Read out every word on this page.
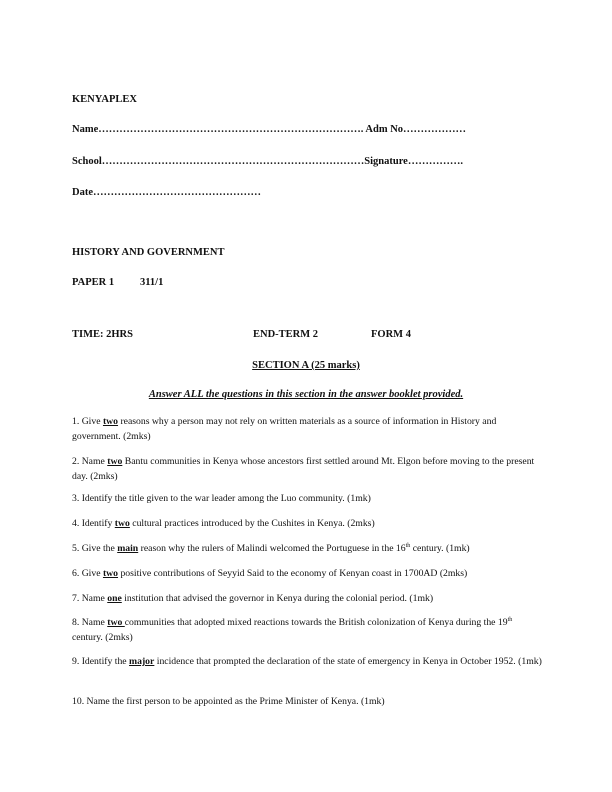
KENYAPLEX
Name…………………………………………………………………. Adm No………………
School…………………………………………………………………Signature…………….
Date…………………………………………
HISTORY AND GOVERNMENT
PAPER 1 311/1
TIME: 2HRS	END-TERM 2	FORM 4
SECTION A (25 marks)
Answer ALL the questions in this section in the answer booklet provided.
1. Give two reasons why a person may not rely on written materials as a source of information in History and government. (2mks)
2. Name two Bantu communities in Kenya whose ancestors first settled around Mt. Elgon before moving to the present day. (2mks)
3. Identify the title given to the war leader among the Luo community. (1mk)
4. Identify two cultural practices introduced by the Cushites in Kenya. (2mks)
5. Give the main reason why the rulers of Malindi welcomed the Portuguese in the 16th century. (1mk)
6. Give two positive contributions of Seyyid Said to the economy of Kenyan coast in 1700AD (2mks)
7. Name one institution that advised the governor in Kenya during the colonial period. (1mk)
8. Name two communities that adopted mixed reactions towards the British colonization of Kenya during the 19th century. (2mks)
9. Identify the major incidence that prompted the declaration of the state of emergency in Kenya in October 1952. (1mk)
10. Name the first person to be appointed as the Prime Minister of Kenya. (1mk)
